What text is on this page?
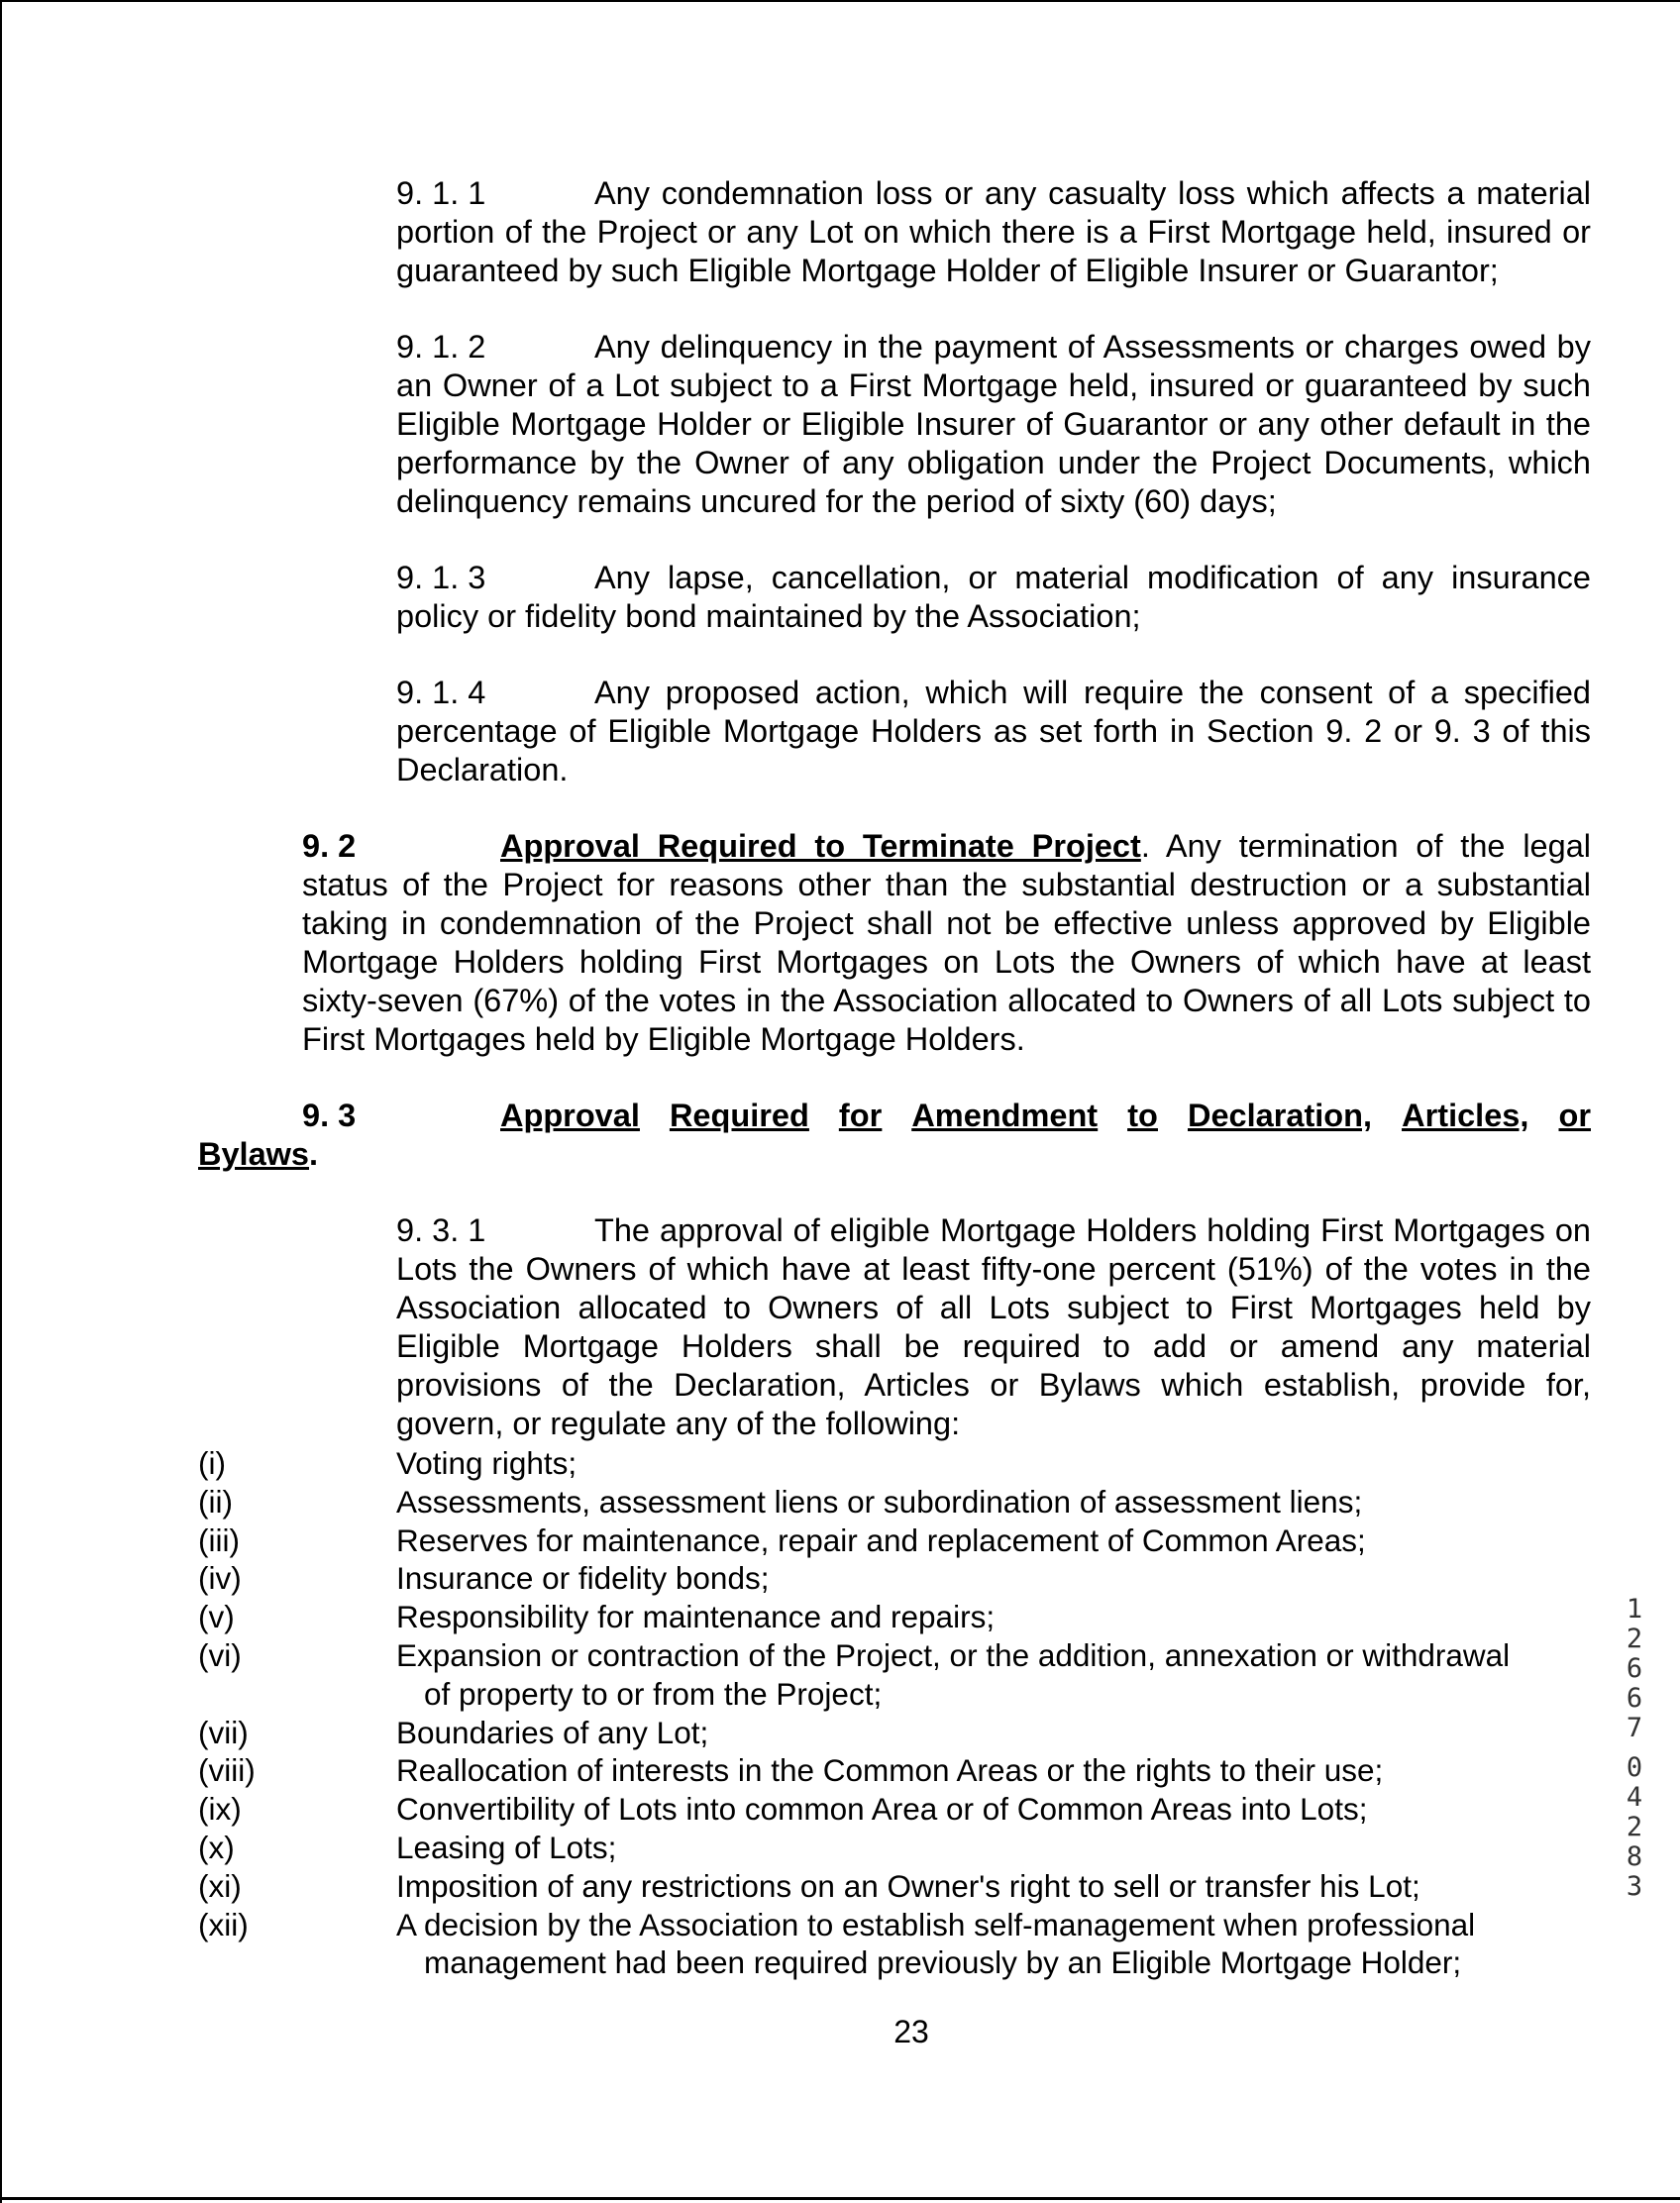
9. 1. 1	Any condemnation loss or any casualty loss which affects a material portion of the Project or any Lot on which there is a First Mortgage held, insured or guaranteed by such Eligible Mortgage Holder of Eligible Insurer or Guarantor;

9. 1. 2	Any delinquency in the payment of Assessments or charges owed by an Owner of a Lot subject to a First Mortgage held, insured or guaranteed by such Eligible Mortgage Holder or Eligible Insurer of Guarantor or any other default in the performance by the Owner of any obligation under the Project Documents, which delinquency remains uncured for the period of sixty (60) days;

9. 1. 3	Any lapse, cancellation, or material modification of any insurance policy or fidelity bond maintained by the Association;

9. 1. 4	Any proposed action, which will require the consent of a specified percentage of Eligible Mortgage Holders as set forth in Section 9. 2 or 9. 3 of this Declaration.

9. 2	Approval Required to Terminate Project. Any termination of the legal status of the Project for reasons other than the substantial destruction or a substantial taking in condemnation of the Project shall not be effective unless approved by Eligible Mortgage Holders holding First Mortgages on Lots the Owners of which have at least sixty-seven (67%) of the votes in the Association allocated to Owners of all Lots subject to First Mortgages held by Eligible Mortgage Holders.

9. 3	Approval Required for Amendment to Declaration, Articles, or
Bylaws.

9. 3. 1	The approval of eligible Mortgage Holders holding First Mortgages on Lots the Owners of which have at least fifty-one percent (51%) of the votes in the Association allocated to Owners of all Lots subject to First Mortgages held by Eligible Mortgage Holders shall be required to add or amend any material provisions of the Declaration, Articles or Bylaws which establish, provide for, govern, or regulate any of the following:

(i)	Voting rights;
(ii)	Assessments, assessment liens or subordination of assessment liens;
(iii)	Reserves for maintenance, repair and replacement of Common Areas;
(iv)	Insurance or fidelity bonds;
(v)	Responsibility for maintenance and repairs;
(vi)	Expansion or contraction of the Project, or the addition, annexation or withdrawal
of property to or from the Project;
(vii)	Boundaries of any Lot;
(viii)	Reallocation of interests in the Common Areas or the rights to their use;
(ix)	Convertibility of Lots into common Area or of Common Areas into Lots;
(x)	Leasing of Lots;
(xi)	Imposition of any restrictions on an Owner's right to sell or transfer his Lot;
(xii)	A decision by the Association to establish self-management when professional
management had been required previously by an Eligible Mortgage Holder;
23
1
2
6
6
7
0
4
2
8
3
